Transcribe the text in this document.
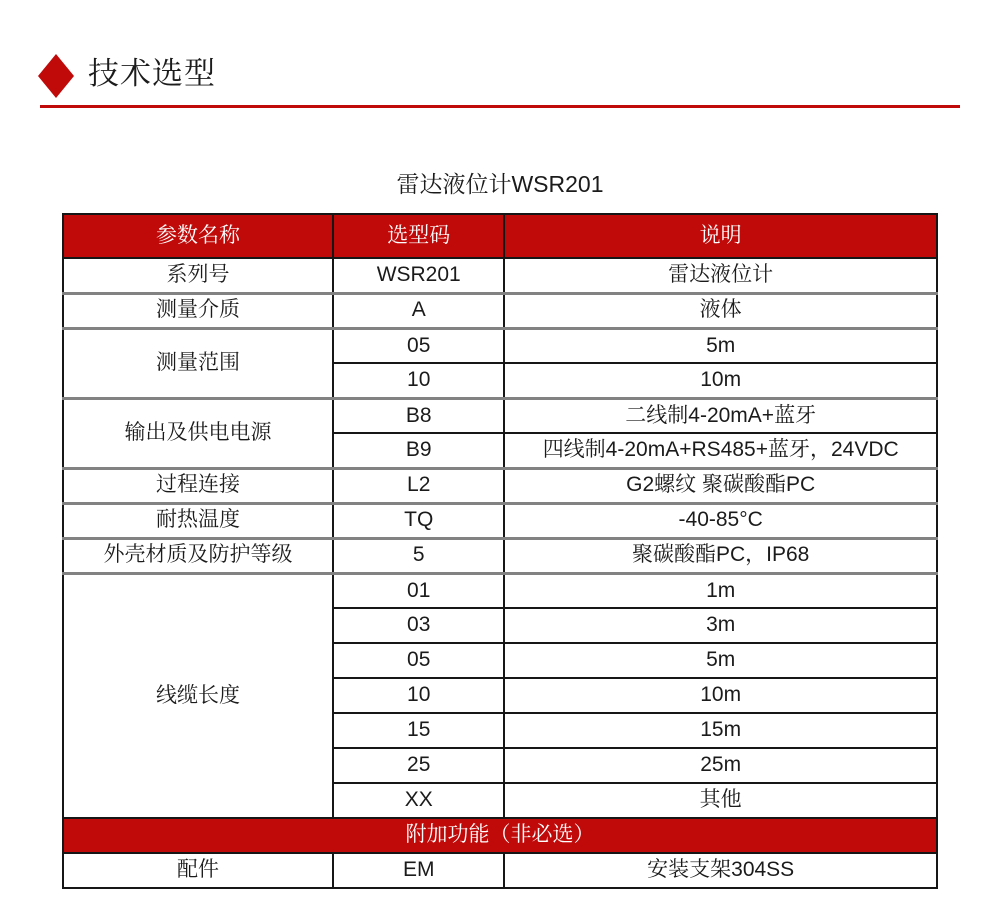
技术选型
雷达液位计WSR201
参数名称	选型码	说明
系列号	WSR201	雷达液位计
测量介质	A	液体
测量范围	05	5m
	10	10m
输出及供电电源	B8	二线制4-20mA+蓝牙
	B9	四线制4-20mA+RS485+蓝牙，24VDC
过程连接	L2	G2螺纹 聚碳酸酯PC
耐热温度	TQ	-40-85°C
外壳材质及防护等级	5	聚碳酸酯PC，IP68
线缆长度	01	1m
	03	3m
	05	5m
	10	10m
	15	15m
	25	25m
	XX	其他
附加功能（非必选）		
配件	EM	安装支架304SS
